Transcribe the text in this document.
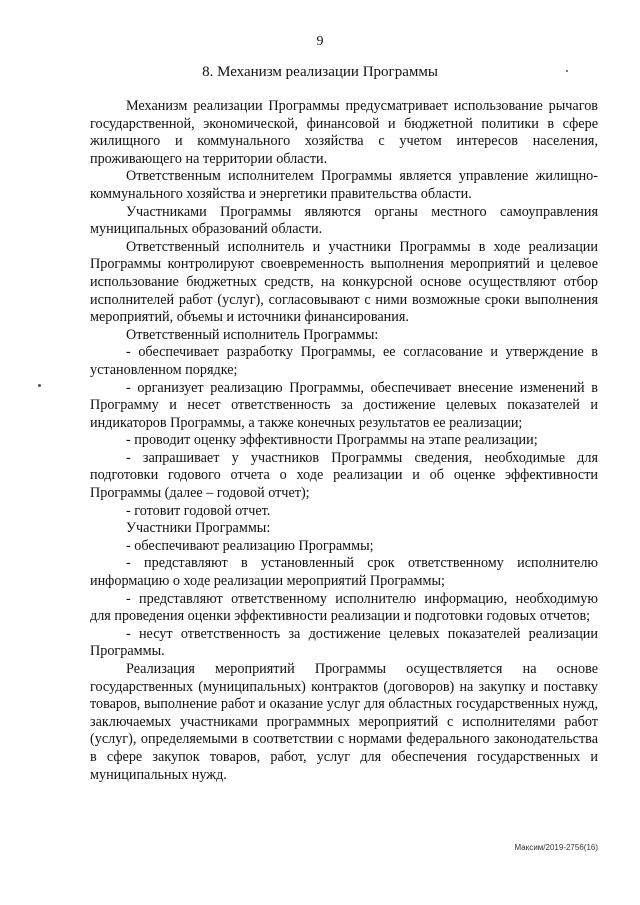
9
8. Механизм реализации Программы

Механизм реализации Программы предусматривает использование рычагов государственной, экономической, финансовой и бюджетной политики в сфере жилищного и коммунального хозяйства с учетом интересов населения, проживающего на территории области.

Ответственным исполнителем Программы является управление жилищно-коммунального хозяйства и энергетики правительства области.

Участниками Программы являются органы местного самоуправления муниципальных образований области.

Ответственный исполнитель и участники Программы в ходе реализации Программы контролируют своевременность выполнения мероприятий и целевое использование бюджетных средств, на конкурсной основе осуществляют отбор исполнителей работ (услуг), согласовывают с ними возможные сроки выполнения мероприятий, объемы и источники финансирования.

Ответственный исполнитель Программы:

- обеспечивает разработку Программы, ее согласование и утверждение в установленном порядке;

- организует реализацию Программы, обеспечивает внесение изменений в Программу и несет ответственность за достижение целевых показателей и индикаторов Программы, а также конечных результатов ее реализации;

- проводит оценку эффективности Программы на этапе реализации;

- запрашивает у участников Программы сведения, необходимые для подготовки годового отчета о ходе реализации и об оценке эффективности Программы (далее – годовой отчет);

- готовит годовой отчет.

Участники Программы:

- обеспечивают реализацию Программы;

- представляют в установленный срок ответственному исполнителю информацию о ходе реализации мероприятий Программы;

- представляют ответственному исполнителю информацию, необходимую для проведения оценки эффективности реализации и подготовки годовых отчетов;

- несут ответственность за достижение целевых показателей реализации Программы.

Реализация мероприятий Программы осуществляется на основе государственных (муниципальных) контрактов (договоров) на закупку и поставку товаров, выполнение работ и оказание услуг для областных государственных нужд, заключаемых участниками программных мероприятий с исполнителями работ (услуг), определяемыми в соответствии с нормами федерального законодательства в сфере закупок товаров, работ, услуг для обеспечения государственных и муниципальных нужд.

Максим/2019-2756(16)
